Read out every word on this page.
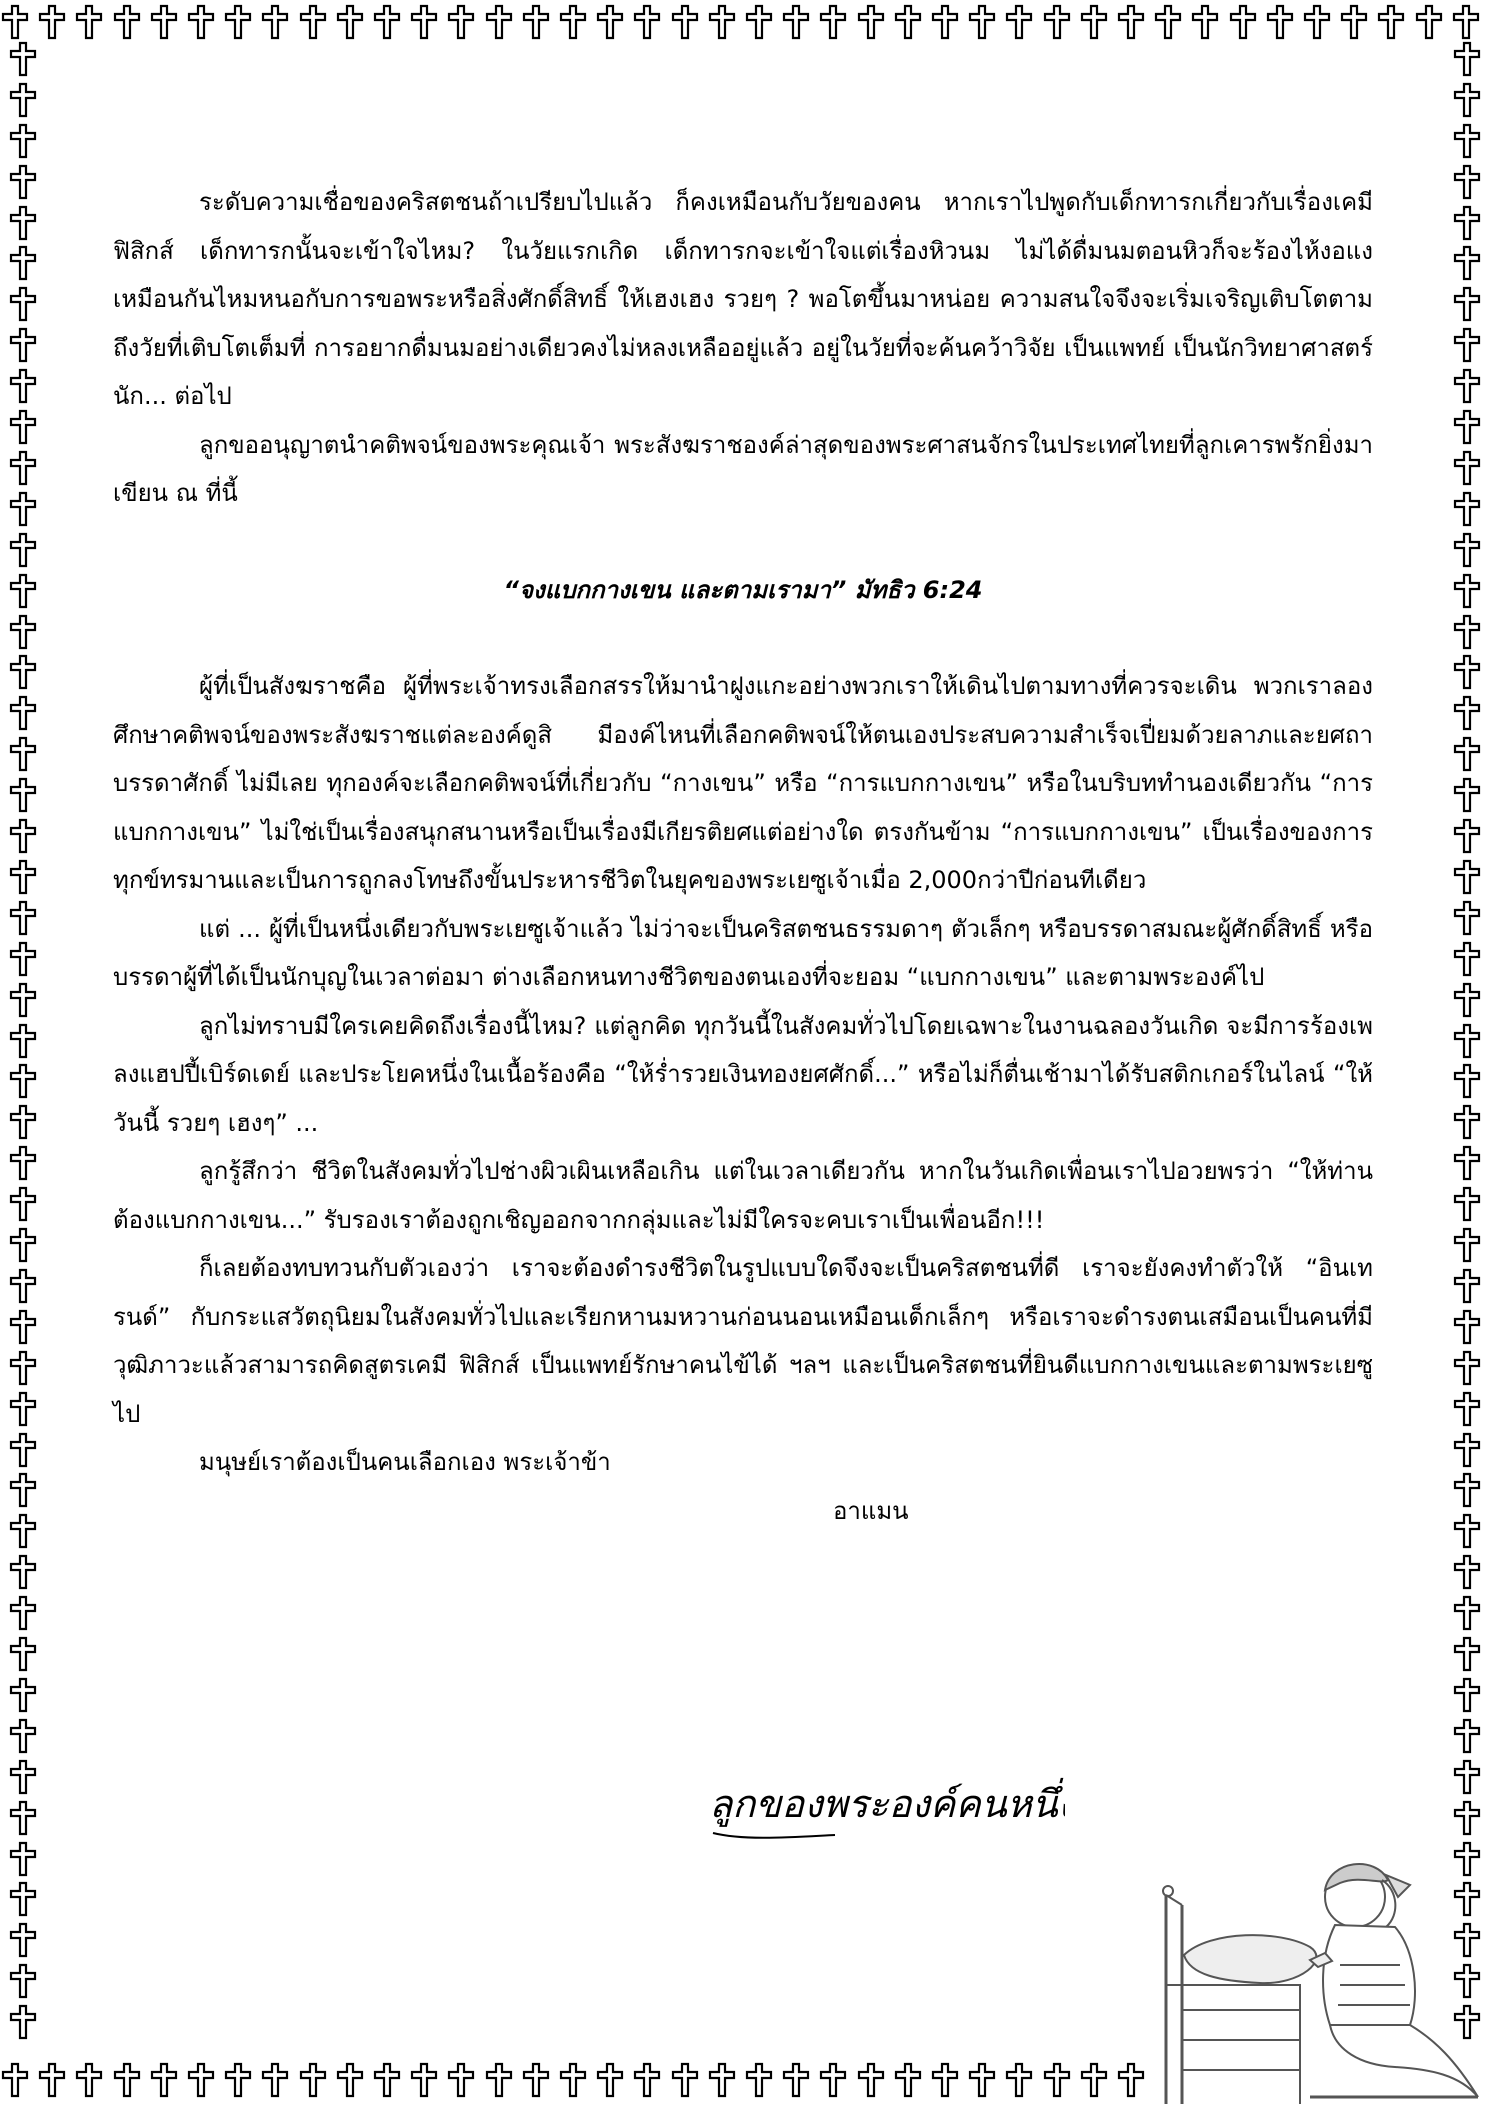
ระดับความเชื่อของคริสตชนถ้าเปรียบไปแล้ว ก็คงเหมือนกับวัยของคน หากเราไปพูดกับเด็กทารกเกี่ยวกับเรื่องเคมีฟิสิกส์ เด็กทารกนั้นจะเข้าใจไหม? ในวัยแรกเกิด เด็กทารกจะเข้าใจแต่เรื่องหิวนม ไม่ได้ดื่มนมตอนหิวก็จะร้องไห้งอแง เหมือนกันไหมหนอกับการขอพระหรือสิ่งศักดิ์สิทธิ์ ให้เฮงเฮง รวยๆ ? พอโตขึ้นมาหน่อย ความสนใจจึงจะเริ่มเจริญเติบโตตาม ถึงวัยที่เติบโตเต็มที่ การอยากดื่มนมอย่างเดียวคงไม่หลงเหลืออยู่แล้ว อยู่ในวัยที่จะค้นคว้าวิจัย เป็นแพทย์ เป็นนักวิทยาศาสตร์ นัก... ต่อไป

ลูกขออนุญาตนำคติพจน์ของพระคุณเจ้า พระสังฆราชองค์ล่าสุดของพระศาสนจักรในประเทศไทยที่ลูกเคารพรักยิ่งมาเขียน ณ ที่นี้

“จงแบกกางเขน และตามเรามา” มัทธิว 6:24

ผู้ที่เป็นสังฆราชคือ ผู้ที่พระเจ้าทรงเลือกสรรให้มานำฝูงแกะอย่างพวกเราให้เดินไปตามทางที่ควรจะเดิน พวกเราลองศึกษาคติพจน์ของพระสังฆราชแต่ละองค์ดูสิ มีองค์ไหนที่เลือกคติพจน์ให้ตนเองประสบความสำเร็จเปี่ยมด้วยลาภและยศถาบรรดาศักดิ์ ไม่มีเลย ทุกองค์จะเลือกคติพจน์ที่เกี่ยวกับ “กางเขน” หรือ “การแบกกางเขน” หรือในบริบททำนองเดียวกัน “การแบกกางเขน” ไม่ใช่เป็นเรื่องสนุกสนานหรือเป็นเรื่องมีเกียรติยศแต่อย่างใด ตรงกันข้าม “การแบกกางเขน” เป็นเรื่องของการทุกข์ทรมานและเป็นการถูกลงโทษถึงขั้นประหารชีวิตในยุคของพระเยซูเจ้าเมื่อ 2,000กว่าปีก่อนทีเดียว

แต่ ... ผู้ที่เป็นหนึ่งเดียวกับพระเยซูเจ้าแล้ว ไม่ว่าจะเป็นคริสตชนธรรมดาๆ ตัวเล็กๆ หรือบรรดาสมณะผู้ศักดิ์สิทธิ์ หรือบรรดาผู้ที่ได้เป็นนักบุญในเวลาต่อมา ต่างเลือกหนทางชีวิตของตนเองที่จะยอม “แบกกางเขน” และตามพระองค์ไป

ลูกไม่ทราบมีใครเคยคิดถึงเรื่องนี้ไหม? แต่ลูกคิด ทุกวันนี้ในสังคมทั่วไปโดยเฉพาะในงานฉลองวันเกิด จะมีการร้องเพลงแฮปปี้เบิร์ดเดย์ และประโยคหนึ่งในเนื้อร้องคือ “ให้ร่ำรวยเงินทองยศศักดิ์...” หรือไม่ก็ตื่นเช้ามาได้รับสติกเกอร์ในไลน์ “ให้วันนี้ รวยๆ เฮงๆ” ...

ลูกรู้สึกว่า ชีวิตในสังคมทั่วไปช่างผิวเผินเหลือเกิน แต่ในเวลาเดียวกัน หากในวันเกิดเพื่อนเราไปอวยพรว่า “ให้ท่านต้องแบกกางเขน...” รับรองเราต้องถูกเชิญออกจากกลุ่มและไม่มีใครจะคบเราเป็นเพื่อนอีก!!!

ก็เลยต้องทบทวนกับตัวเองว่า เราจะต้องดำรงชีวิตในรูปแบบใดจึงจะเป็นคริสตชนที่ดี เราจะยังคงทำตัวให้ “อินเทรนด์” กับกระแสวัตถุนิยมในสังคมทั่วไปและเรียกหานมหวานก่อนนอนเหมือนเด็กเล็กๆ หรือเราจะดำรงตนเสมือนเป็นคนที่มีวุฒิภาวะแล้วสามารถคิดสูตรเคมี ฟิสิกส์ เป็นแพทย์รักษาคนไข้ได้ ฯลฯ และเป็นคริสตชนที่ยินดีแบกกางเขนและตามพระเยซูไป

มนุษย์เราต้องเป็นคนเลือกเอง พระเจ้าข้า

อาแมน

ลูกของพระองค์คนหนึ่ง
